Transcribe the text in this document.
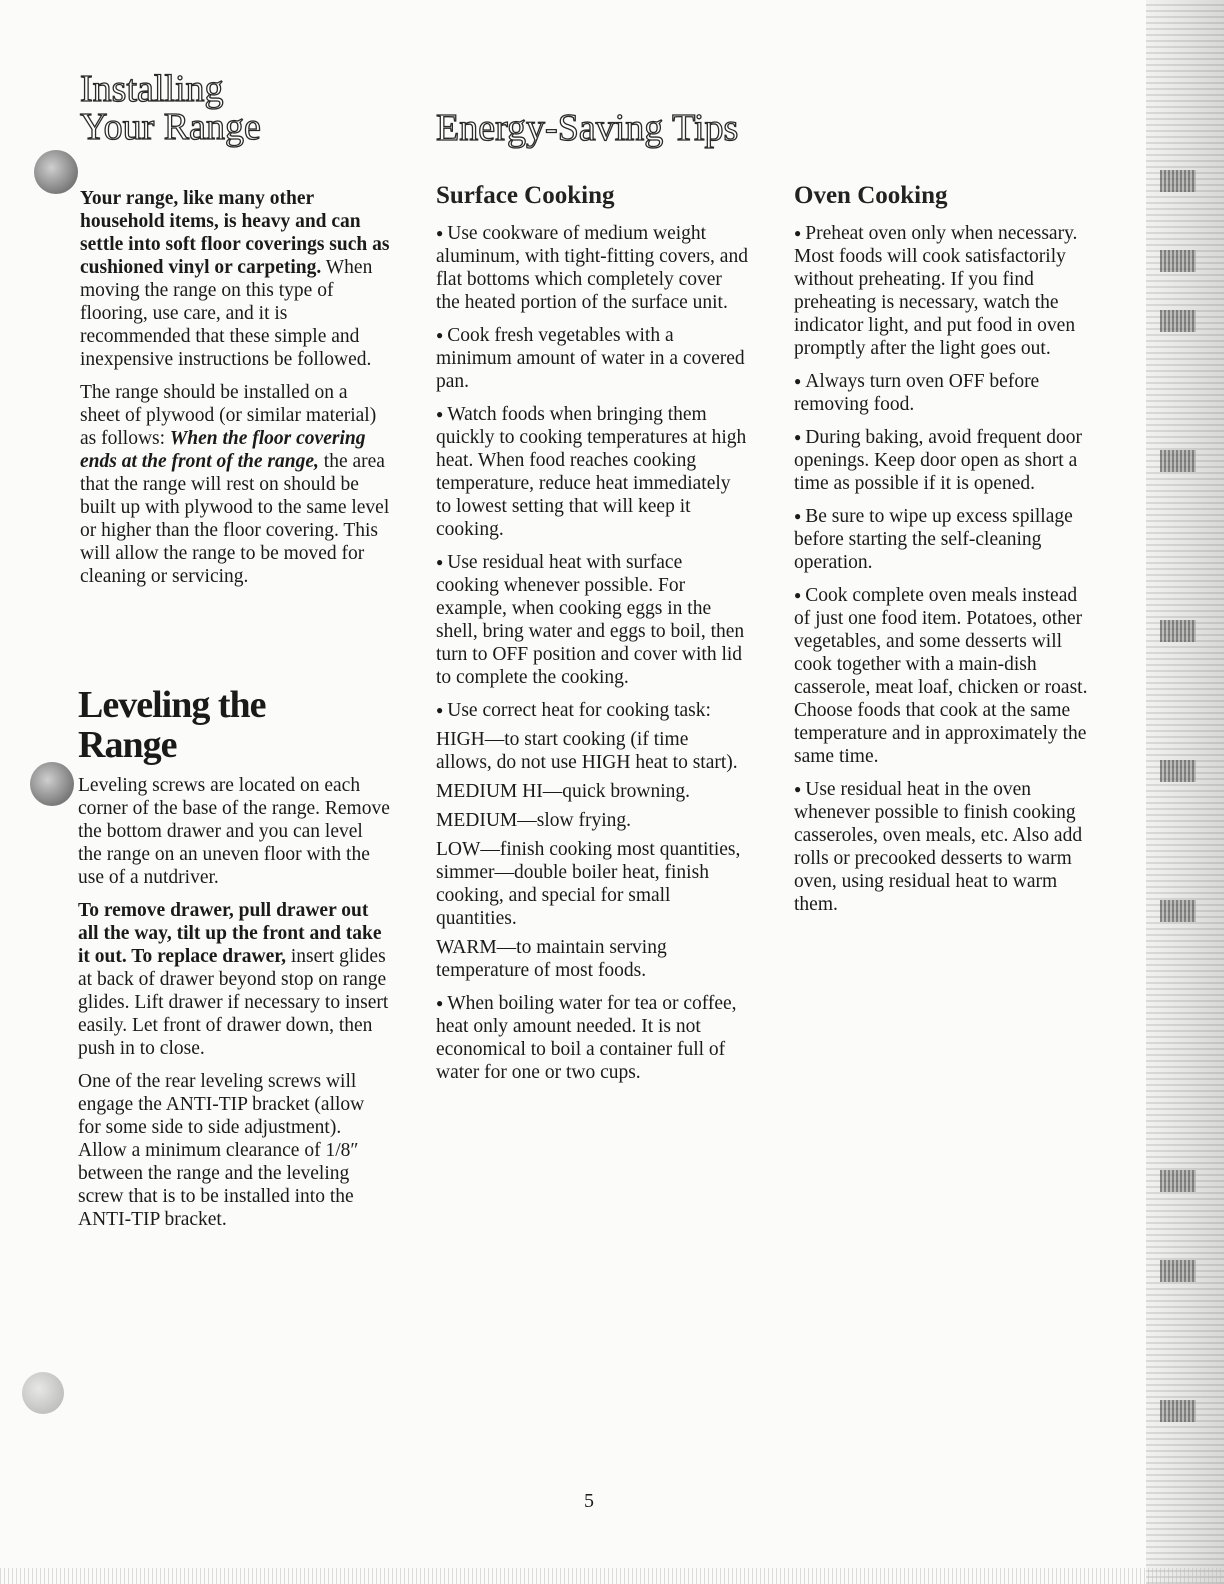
Installing
Your Range

Your range, like many other household items, is heavy and can settle into soft floor coverings such as cushioned vinyl or carpeting. When moving the range on this type of flooring, use care, and it is recommended that these simple and inexpensive instructions be followed.

The range should be installed on a sheet of plywood (or similar material) as follows: When the floor covering ends at the front of the range, the area that the range will rest on should be built up with plywood to the same level or higher than the floor covering. This will allow the range to be moved for cleaning or servicing.

Leveling the
Range

Leveling screws are located on each corner of the base of the range. Remove the bottom drawer and you can level the range on an uneven floor with the use of a nutdriver.

To remove drawer, pull drawer out all the way, tilt up the front and take it out. To replace drawer, insert glides at back of drawer beyond stop on range glides. Lift drawer if necessary to insert easily. Let front of drawer down, then push in to close.

One of the rear leveling screws will engage the ANTI-TIP bracket (allow for some side to side adjustment). Allow a minimum clearance of 1/8″ between the range and the leveling screw that is to be installed into the ANTI-TIP bracket.

Energy-Saving Tips
Surface Cooking

● Use cookware of medium weight aluminum, with tight-fitting covers, and flat bottoms which completely cover the heated portion of the surface unit.

● Cook fresh vegetables with a minimum amount of water in a covered pan.

● Watch foods when bringing them quickly to cooking temperatures at high heat. When food reaches cooking temperature, reduce heat immediately to lowest setting that will keep it cooking.

● Use residual heat with surface cooking whenever possible. For example, when cooking eggs in the shell, bring water and eggs to boil, then turn to OFF position and cover with lid to complete the cooking.

● Use correct heat for cooking task:

HIGH—to start cooking (if time allows, do not use HIGH heat to start).

MEDIUM HI—quick browning.

MEDIUM—slow frying.

LOW—finish cooking most quantities, simmer—double boiler heat, finish cooking, and special for small quantities.

WARM—to maintain serving temperature of most foods.

● When boiling water for tea or coffee, heat only amount needed. It is not economical to boil a container full of water for one or two cups.

Oven Cooking

● Preheat oven only when necessary. Most foods will cook satisfactorily without preheating. If you find preheating is necessary, watch the indicator light, and put food in oven promptly after the light goes out.

● Always turn oven OFF before removing food.

● During baking, avoid frequent door openings. Keep door open as short a time as possible if it is opened.

● Be sure to wipe up excess spillage before starting the self-cleaning operation.

● Cook complete oven meals instead of just one food item. Potatoes, other vegetables, and some desserts will cook together with a main-dish casserole, meat loaf, chicken or roast. Choose foods that cook at the same temperature and in approximately the same time.

● Use residual heat in the oven whenever possible to finish cooking casseroles, oven meals, etc. Also add rolls or precooked desserts to warm oven, using residual heat to warm them.

5
